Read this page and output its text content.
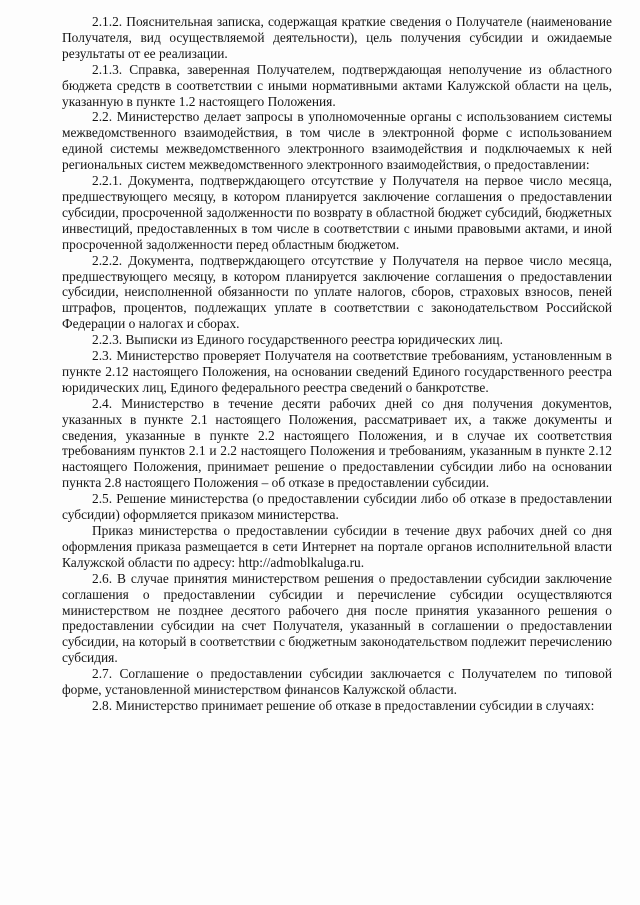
2.1.2. Пояснительная записка, содержащая краткие сведения о Получателе (наименование Получателя, вид осуществляемой деятельности), цель получения субсидии и ожидаемые результаты от ее реализации.

2.1.3. Справка, заверенная Получателем, подтверждающая неполучение из областного бюджета средств в соответствии с иными нормативными актами Калужской области на цель, указанную в пункте 1.2 настоящего Положения.

2.2. Министерство делает запросы в уполномоченные органы с использованием системы межведомственного взаимодействия, в том числе в электронной форме с использованием единой системы межведомственного электронного взаимодействия и подключаемых к ней региональных систем межведомственного электронного взаимодействия, о предоставлении:

2.2.1. Документа, подтверждающего отсутствие у Получателя на первое число месяца, предшествующего месяцу, в котором планируется заключение соглашения о предоставлении субсидии, просроченной задолженности по возврату в областной бюджет субсидий, бюджетных инвестиций, предоставленных в том числе в соответствии с иными правовыми актами, и иной просроченной задолженности перед областным бюджетом.

2.2.2. Документа, подтверждающего отсутствие у Получателя на первое число месяца, предшествующего месяцу, в котором планируется заключение соглашения о предоставлении субсидии, неисполненной обязанности по уплате налогов, сборов, страховых взносов, пеней штрафов, процентов, подлежащих уплате в соответствии с законодательством Российской Федерации о налогах и сборах.

2.2.3. Выписки из Единого государственного реестра юридических лиц.

2.3. Министерство проверяет Получателя на соответствие требованиям, установленным в пункте 2.12 настоящего Положения, на основании сведений Единого государственного реестра юридических лиц, Единого федерального реестра сведений о банкротстве.

2.4. Министерство в течение десяти рабочих дней со дня получения документов, указанных в пункте 2.1 настоящего Положения, рассматривает их, а также документы и сведения, указанные в пункте 2.2 настоящего Положения, и в случае их соответствия требованиям пунктов 2.1 и 2.2 настоящего Положения и требованиям, указанным в пункте 2.12 настоящего Положения, принимает решение о предоставлении субсидии либо на основании пункта 2.8 настоящего Положения – об отказе в предоставлении субсидии.

2.5. Решение министерства (о предоставлении субсидии либо об отказе в предоставлении субсидии) оформляется приказом министерства.

Приказ министерства о предоставлении субсидии в течение двух рабочих дней со дня оформления приказа размещается в сети Интернет на портале органов исполнительной власти Калужской области по адресу: http://admoblkaluga.ru.

2.6. В случае принятия министерством решения о предоставлении субсидии заключение соглашения о предоставлении субсидии и перечисление субсидии осуществляются министерством не позднее десятого рабочего дня после принятия указанного решения о предоставлении субсидии на счет Получателя, указанный в соглашении о предоставлении субсидии, на который в соответствии с бюджетным законодательством подлежит перечислению субсидия.

2.7. Соглашение о предоставлении субсидии заключается с Получателем по типовой форме, установленной министерством финансов Калужской области.

2.8. Министерство принимает решение об отказе в предоставлении субсидии в случаях:
